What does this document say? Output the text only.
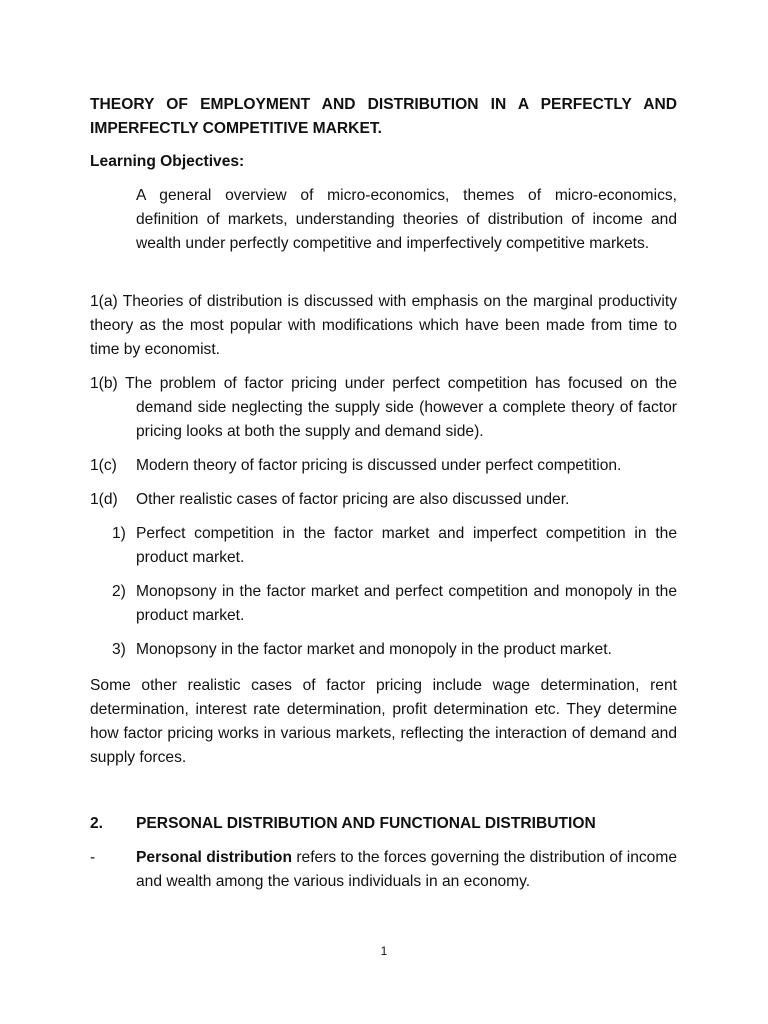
THEORY OF EMPLOYMENT AND DISTRIBUTION IN A PERFECTLY AND IMPERFECTLY COMPETITIVE MARKET.

Learning Objectives:

A general overview of micro-economics, themes of micro-economics, definition of markets, understanding theories of distribution of income and wealth under perfectly competitive and imperfectively competitive markets.

1(a) Theories of distribution is discussed with emphasis on the marginal productivity theory as the most popular with modifications which have been made from time to time by economist.

1(b) The problem of factor pricing under perfect competition has focused on the

demand side neglecting the supply side (however a complete theory of factor pricing looks at both the supply and demand side).

1(c) Modern theory of factor pricing is discussed under perfect competition.
1(d) Other realistic cases of factor pricing are also discussed under.
1) Perfect competition in the factor market and imperfect competition in the product market.

2) Monopsony in the factor market and perfect competition and monopoly in the product market.

3) Monopsony in the factor market and monopoly in the product market.

Some other realistic cases of factor pricing include wage determination, rent determination, interest rate determination, profit determination etc. They determine how factor pricing works in various markets, reflecting the interaction of demand and supply forces.

2. PERSONAL DISTRIBUTION AND FUNCTIONAL DISTRIBUTION

-	Personal distribution refers to the forces governing the distribution of income and wealth among the various individuals in an economy.

1
